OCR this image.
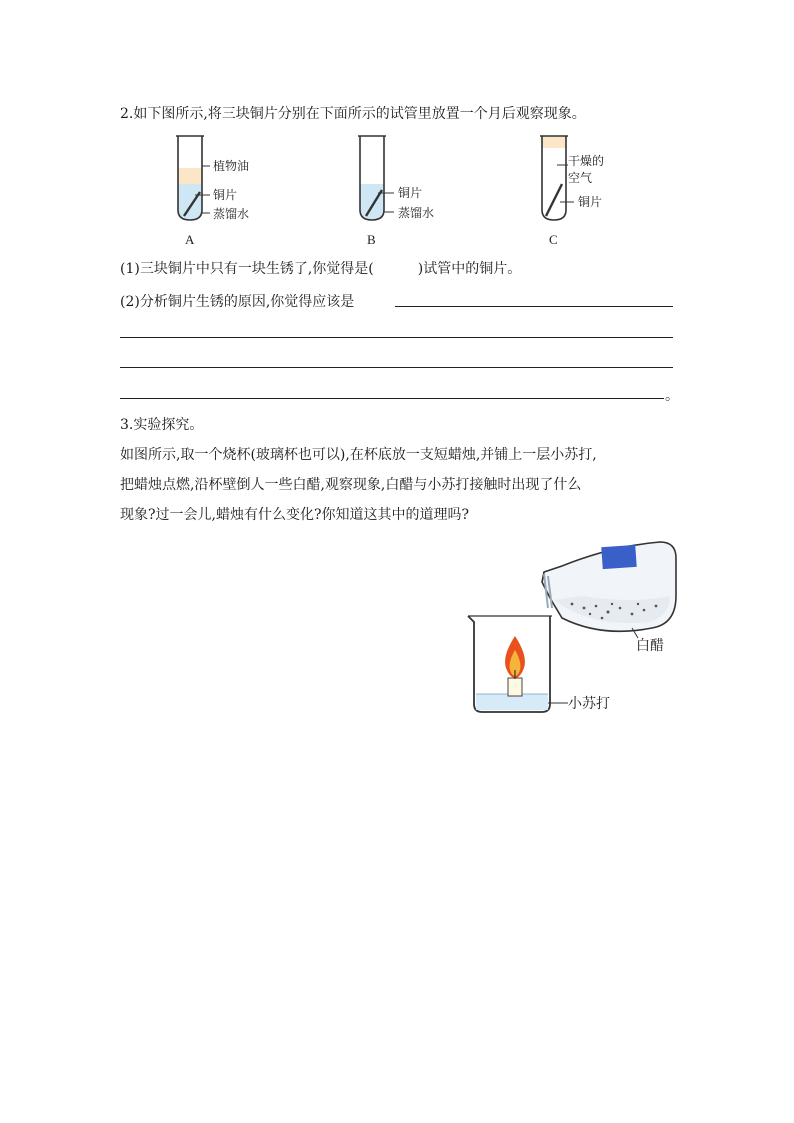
2.如下图所示,将三块铜片分别在下面所示的试管里放置一个月后观察现象。
植物油
铜片
蒸馏水
A
铜片
蒸馏水
B
干燥的
空气
铜片
C
(1)三块铜片中只有一块生锈了,你觉得是(	)试管中的铜片。
(2)分析铜片生锈的原因,你觉得应该是
。
3.实验探究。
如图所示,取一个烧杯(玻璃杯也可以),在杯底放一支短蜡烛,并铺上一层小苏打,
把蜡烛点燃,沿杯壁倒人一些白醋,观察现象,白醋与小苏打接触时出现了什么
现象?过一会儿,蜡烛有什么变化?你知道这其中的道理吗?
白醋
小苏打
